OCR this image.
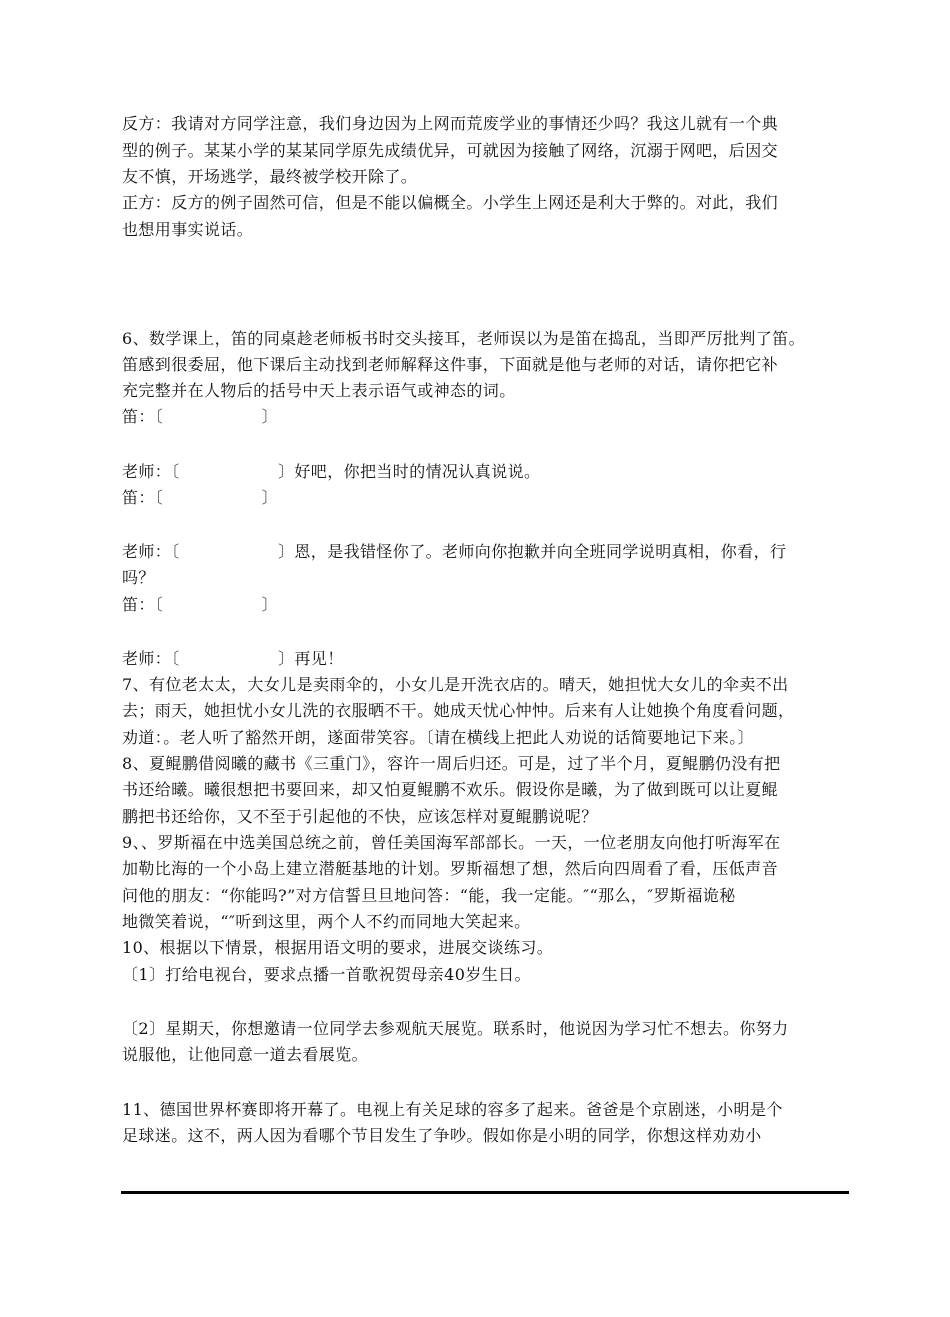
反方：我请对方同学注意，我们身边因为上网而荒废学业的事情还少吗？我这儿就有一个典
型的例子。某某小学的某某同学原先成绩优异，可就因为接触了网络，沉溺于网吧，后因交
友不慎，开场逃学，最终被学校开除了。
正方：反方的例子固然可信，但是不能以偏概全。小学生上网还是利大于弊的。对此，我们
也想用事实说话。
6、数学课上，笛的同桌趁老师板书时交头接耳，老师误以为是笛在捣乱，当即严厉批判了笛。
笛感到很委屈，他下课后主动找到老师解释这件事，下面就是他与老师的对话，请你把它补
充完整并在人物后的括号中天上表示语气或神态的词。
笛：〔　　　　　　〕
老师：〔　　　　　　〕好吧，你把当时的情况认真说说。
笛：〔　　　　　　〕
老师：〔　　　　　　〕恩，是我错怪你了。老师向你抱歉并向全班同学说明真相，你看，行
吗？
笛：〔　　　　　　〕
老师：〔　　　　　　〕再见！
7、有位老太太，大女儿是卖雨伞的，小女儿是开洗衣店的。晴天，她担忧大女儿的伞卖不出
去；雨天，她担忧小女儿洗的衣服晒不干。她成天忧心忡忡。后来有人让她换个角度看问题，
劝道：。老人听了豁然开朗，遂面带笑容。〔请在横线上把此人劝说的话简要地记下来。〕
8、夏鲲鹏借阅曦的藏书《三重门》，容许一周后归还。可是，过了半个月，夏鲲鹏仍没有把
书还给曦。曦很想把书要回来，却又怕夏鲲鹏不欢乐。假设你是曦，为了做到既可以让夏鲲
鹏把书还给你，又不至于引起他的不快，应该怎样对夏鲲鹏说呢？
9、、罗斯福在中选美国总统之前，曾任美国海军部部长。一天，一位老朋友向他打听海军在
加勒比海的一个小岛上建立潜艇基地的计划。罗斯福想了想，然后向四周看了看，压低声音
问他的朋友：“你能吗?”对方信誓旦旦地问答：“能，我一定能。″“那么，″罗斯福诡秘
地微笑着说，“″听到这里，两个人不约而同地大笑起来。
10、根据以下情景，根据用语文明的要求，进展交谈练习。
〔1〕打给电视台，要求点播一首歌祝贺母亲40岁生日。
〔2〕星期天，你想邀请一位同学去参观航天展览。联系时，他说因为学习忙不想去。你努力
说服他，让他同意一道去看展览。
11、德国世界杯赛即将开幕了。电视上有关足球的容多了起来。爸爸是个京剧迷，小明是个
足球迷。这不，两人因为看哪个节目发生了争吵。假如你是小明的同学，你想这样劝劝小
